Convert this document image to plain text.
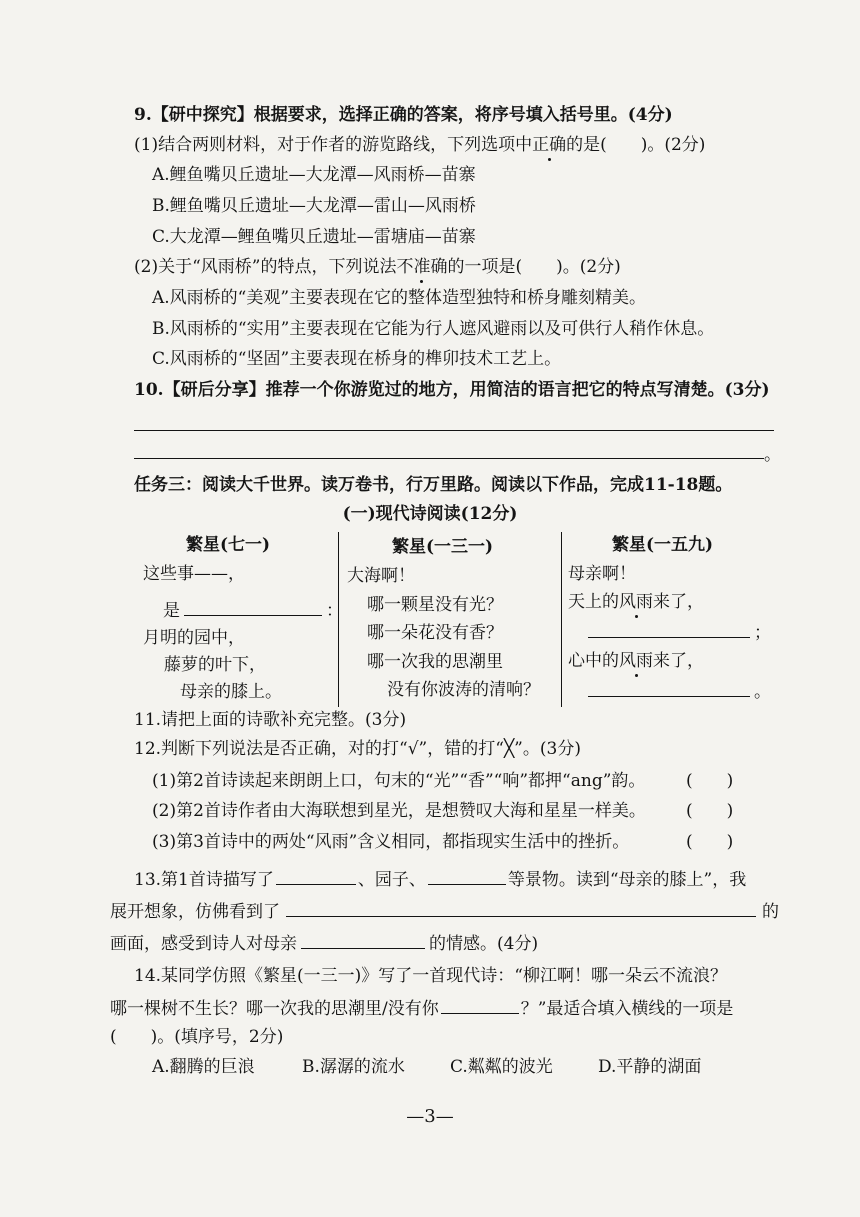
9.【研中探究】根据要求，选择正确的答案，将序号填入括号里。(4分)
(1)结合两则材料，对于作者的游览路线，下列选项中正确的是(　　)。(2分)
A.鲤鱼嘴贝丘遗址—大龙潭—风雨桥—苗寨
B.鲤鱼嘴贝丘遗址—大龙潭—雷山—风雨桥
C.大龙潭—鲤鱼嘴贝丘遗址—雷塘庙—苗寨
(2)关于“风雨桥”的特点，下列说法不准确的一项是(　　)。(2分)
A.风雨桥的“美观”主要表现在它的整体造型独特和桥身雕刻精美。
B.风雨桥的“实用”主要表现在它能为行人遮风避雨以及可供行人稍作休息。
C.风雨桥的“坚固”主要表现在桥身的榫卯技术工艺上。
10.【研后分享】推荐一个你游览过的地方，用简洁的语言把它的特点写清楚。(3分)
。
任务三：阅读大千世界。读万卷书，行万里路。阅读以下作品，完成11-18题。
(一)现代诗阅读(12分)
繁星(七一)
这些事——，
是	：
月明的园中，
藤萝的叶下，
母亲的膝上。
繁星(一三一)
大海啊！
哪一颗星没有光？
哪一朵花没有香？
哪一次我的思潮里
没有你波涛的清响？
繁星(一五九)
母亲啊！
天上的风雨来了，
；
心中的风雨来了，
。
11.请把上面的诗歌补充完整。(3分)
12.判断下列说法是否正确，对的打“√”，错的打“╳”。(3分)
(1)第2首诗读起来朗朗上口，句末的“光”“香”“响”都押“ang”韵。 (　　)
(2)第2首诗作者由大海联想到星光，是想赞叹大海和星星一样美。 (　　)
(3)第3首诗中的两处“风雨”含义相同，都指现实生活中的挫折。	(　　)
13.第1首诗描写了	、园子、	等景物。读到“母亲的膝上”，我
展开想象，仿佛看到了	的
画面，感受到诗人对母亲	的情感。(4分)
14.某同学仿照《繁星(一三一)》写了一首现代诗：“柳江啊！哪一朵云不流浪？
哪一棵树不生长？哪一次我的思潮里/没有你	？”最适合填入横线的一项是
(　　)。(填序号，2分)
A.翻腾的巨浪	B.潺潺的流水	C.粼粼的波光	D.平静的湖面
—3—
